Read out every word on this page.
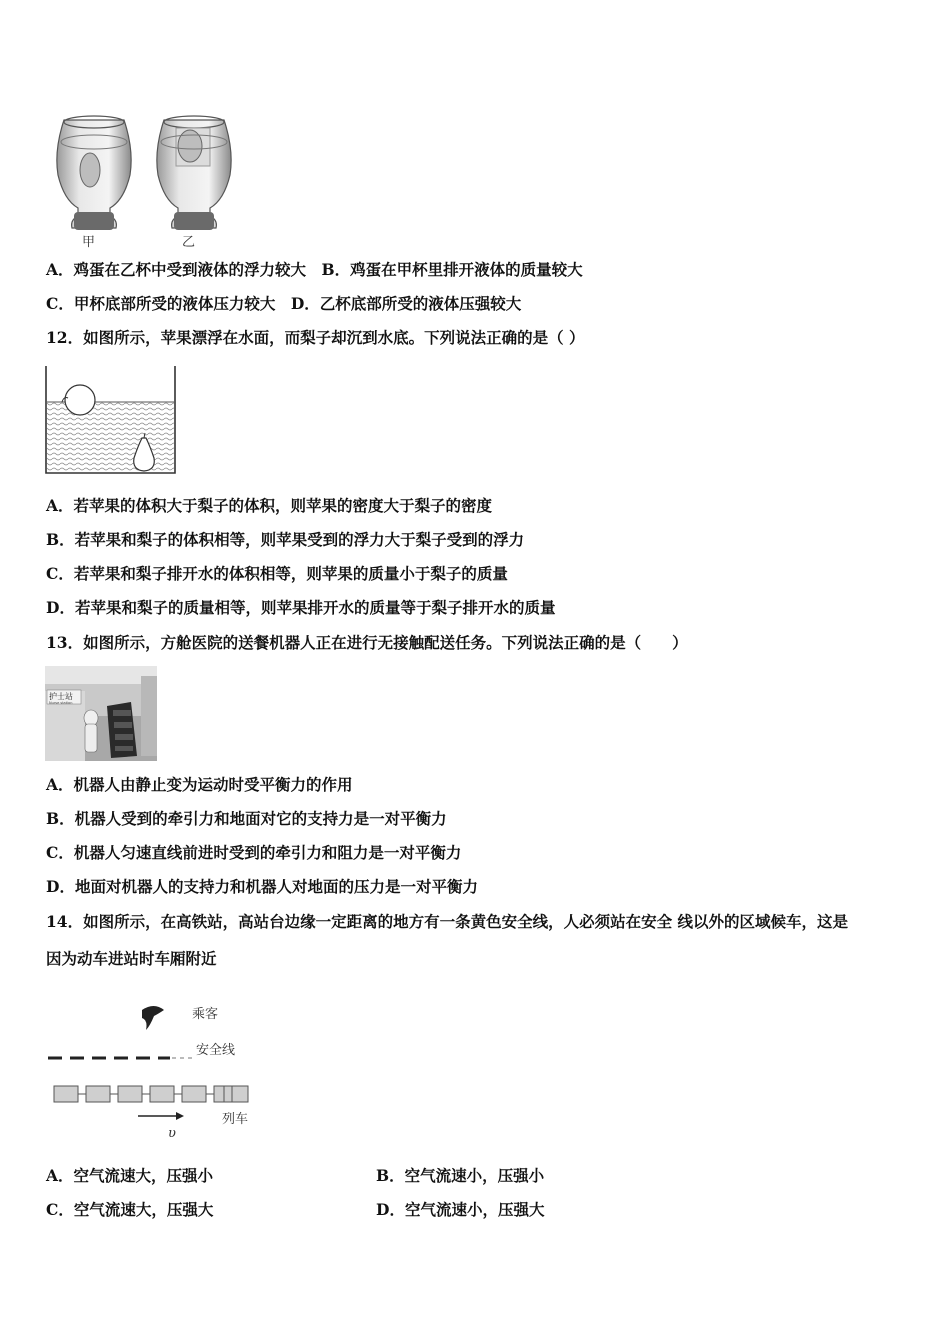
甲	乙
A．鸡蛋在乙杯中受到液体的浮力较大　B．鸡蛋在甲杯里排开液体的质量较大
C．甲杯底部所受的液体压力较大　D．乙杯底部所受的液体压强较大
12．如图所示，苹果漂浮在水面，而梨子却沉到水底。下列说法正确的是（ ）
A．若苹果的体积大于梨子的体积，则苹果的密度大于梨子的密度
B．若苹果和梨子的体积相等，则苹果受到的浮力大于梨子受到的浮力
C．若苹果和梨子排开水的体积相等，则苹果的质量小于梨子的质量
D．若苹果和梨子的质量相等，则苹果排开水的质量等于梨子排开水的质量
13．如图所示，方舱医院的送餐机器人正在进行无接触配送任务。下列说法正确的是（　　）
护士站
Nurse station
A．机器人由静止变为运动时受平衡力的作用
B．机器人受到的牵引力和地面对它的支持力是一对平衡力
C．机器人匀速直线前进时受到的牵引力和阻力是一对平衡力
D．地面对机器人的支持力和机器人对地面的压力是一对平衡力
14．如图所示，在高铁站，高站台边缘一定距离的地方有一条黄色安全线，人必须站在安全 线以外的区域候车，这是
因为动车进站时车厢附近
乘客
安全线
υ
列车
A．空气流速大，压强小	B．空气流速小，压强小
C．空气流速大，压强大	D．空气流速小，压强大
